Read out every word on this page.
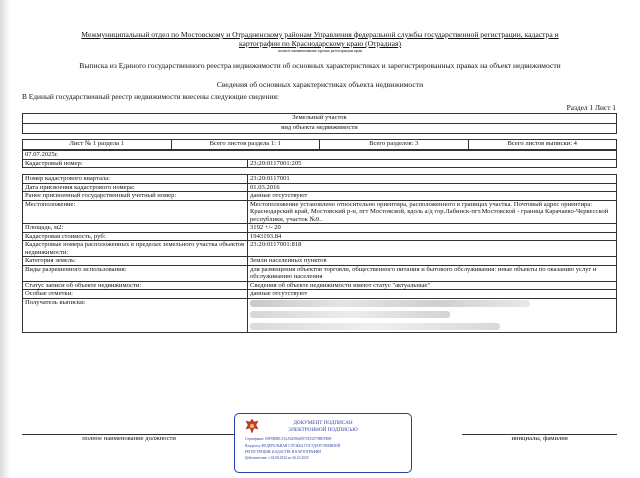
Межмуниципальный отдел по Мостовскому и Отрадненскому районам Управления федеральной службы государственной регистрации, кадастра и
картографии по Краснодарскому краю (Отрадная)
полное наименование органа регистрации прав
Выписка из Единого государственного реестра недвижимости об основных характеристиках и зарегистрированных правах на объект недвижимости
Сведения об основных характеристиках объекта недвижимости
В Единый государственный реестр недвижимости внесены следующие сведения:
Раздел 1 Лист 1
Земельный участок
вид объекта недвижимости
Лист № 1 раздела 1	Всего листов раздела 1: 1	Всего разделов: 3	Всего листов выписки: 4
07.07.2025г.	
Кадастровый номер:	23:20:0117001:205

Номер кадастрового квартала:	23:20:0117001
Дата присвоения кадастрового номера:	01.03.2016
Ранее присвоенный государственный учетный номер:	данные отсутствуют
Местоположение:	Местоположение установлено относительно ориентира, расположенного в границах участка. Почтовый адрес ориентира: Краснодарский край, Мостовский р-н, пгт Мостовской, вдоль а/д гор.Лабинск-пгт.Мостовской - граница Карачаево-Черкесской республики, участок №9..
Площадь, м2:	3192 +/- 20
Кадастровая стоимость, руб:	1943193.84
Кадастровые номера расположенных в пределах земельного участка объектов недвижимости:	23:20:0117001:818
Категория земель:	Земли населенных пунктов
Виды разрешенного использования:	для размещения объектов торговли, общественного питания и бытового обслуживания: иные объекты по оказанию услуг и обслуживанию населения
Статус записи об объекте недвижимости:	Сведения об объекте недвижимости имеют статус "актуальные"
Особые отметки:	данные отсутствуют
Получатель выписки:	

полное наименование должности				инициалы, фамилия
ДОКУМЕНТ ПОДПИСАН
ЭЛЕКТРОННОЙ ПОДПИСЬЮ
Сертификат: 00F9B8DC161A02586459701E2579BEFB09
Владелец: ФЕДЕРАЛЬНАЯ СЛУЖБА ГОСУДАРСТВЕННОЙ
РЕГИСТРАЦИИ, КАДАСТРА И КАРТОГРАФИИ
Действителен: с 02.08.2024 по 26.10.2025
